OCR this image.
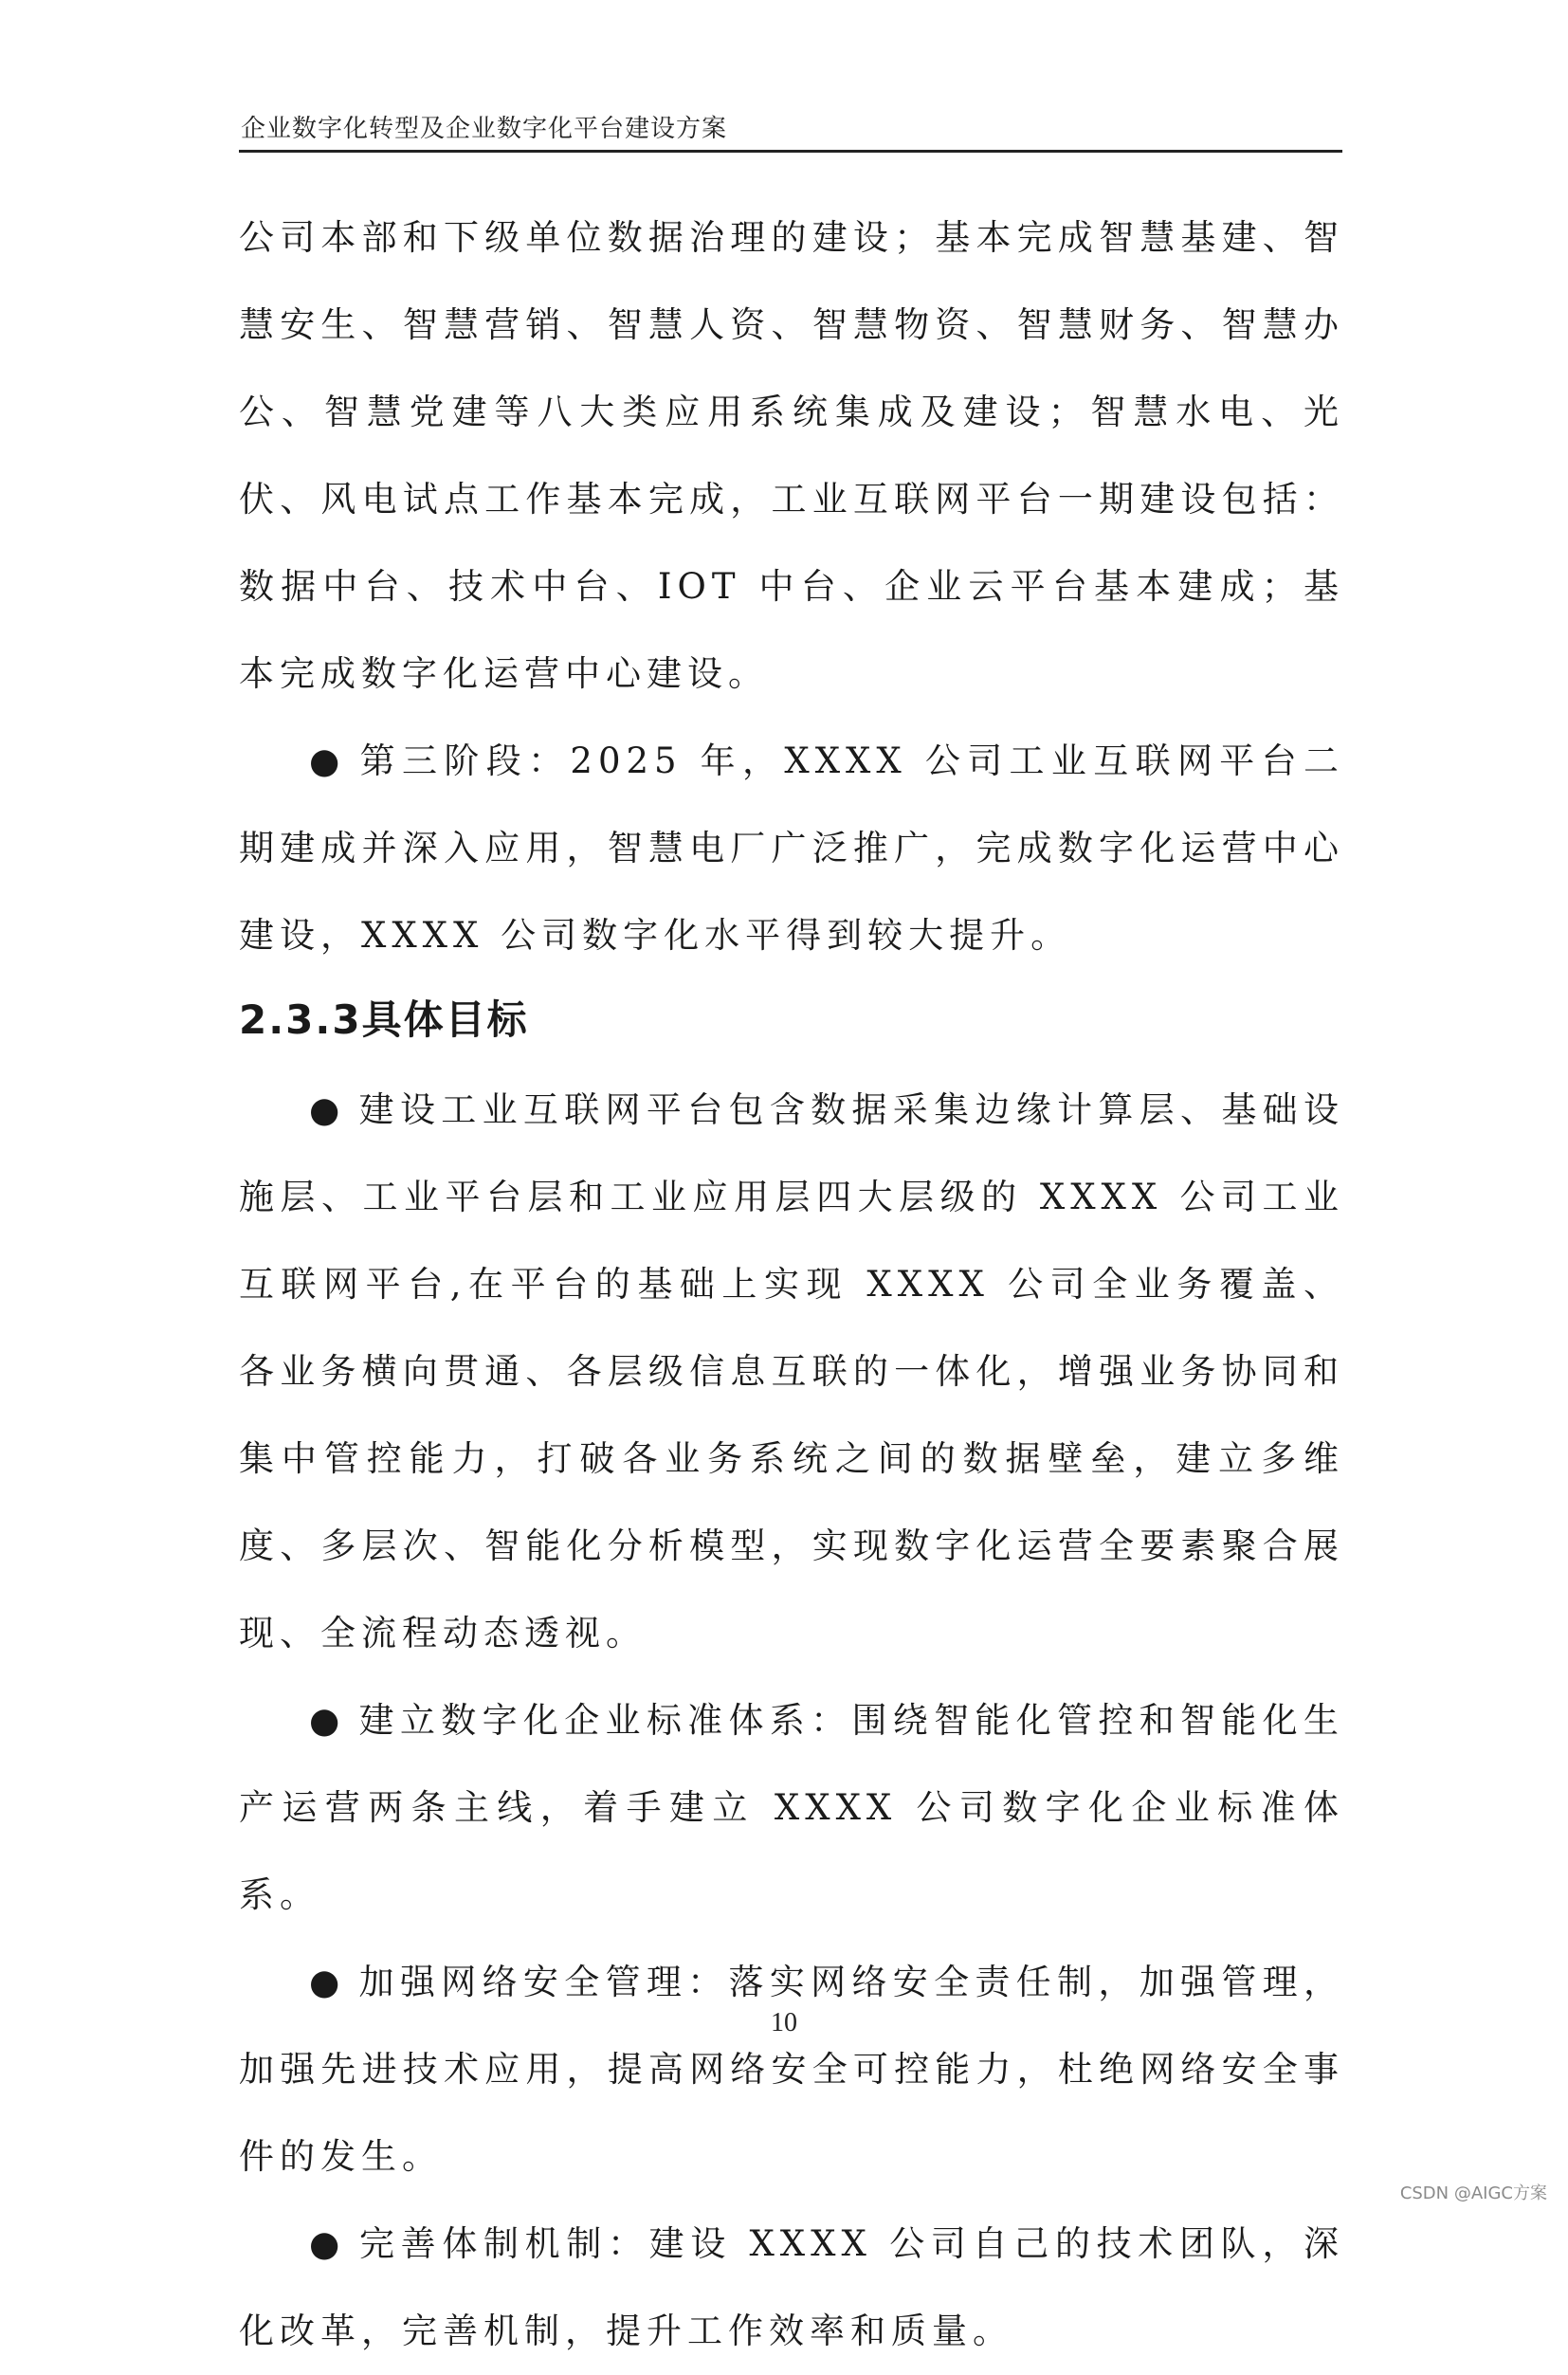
企业数字化转型及企业数字化平台建设方案

公司本部和下级单位数据治理的建设；基本完成智慧基建、智慧安生、智慧营销、智慧人资、智慧物资、智慧财务、智慧办公、智慧党建等八大类应用系统集成及建设；智慧水电、光伏、风电试点工作基本完成，工业互联网平台一期建设包括：数据中台、技术中台、IOT 中台、企业云平台基本建成；基本完成数字化运营中心建设。

● 第三阶段：2025 年，XXXX 公司工业互联网平台二期建成并深入应用，智慧电厂广泛推广，完成数字化运营中心建设，XXXX 公司数字化水平得到较大提升。

2.3.3具体目标

● 建设工业互联网平台包含数据采集边缘计算层、基础设施层、工业平台层和工业应用层四大层级的 XXXX 公司工业互联网平台,在平台的基础上实现 XXXX 公司全业务覆盖、各业务横向贯通、各层级信息互联的一体化，增强业务协同和集中管控能力，打破各业务系统之间的数据壁垒，建立多维度、多层次、智能化分析模型，实现数字化运营全要素聚合展现、全流程动态透视。

● 建立数字化企业标准体系：围绕智能化管控和智能化生产运营两条主线，着手建立 XXXX 公司数字化企业标准体系。

● 加强网络安全管理：落实网络安全责任制，加强管理，加强先进技术应用，提高网络安全可控能力，杜绝网络安全事件的发生。

● 完善体制机制：建设 XXXX 公司自己的技术团队，深化改革，完善机制，提升工作效率和质量。

10
CSDN @AIGC方案
